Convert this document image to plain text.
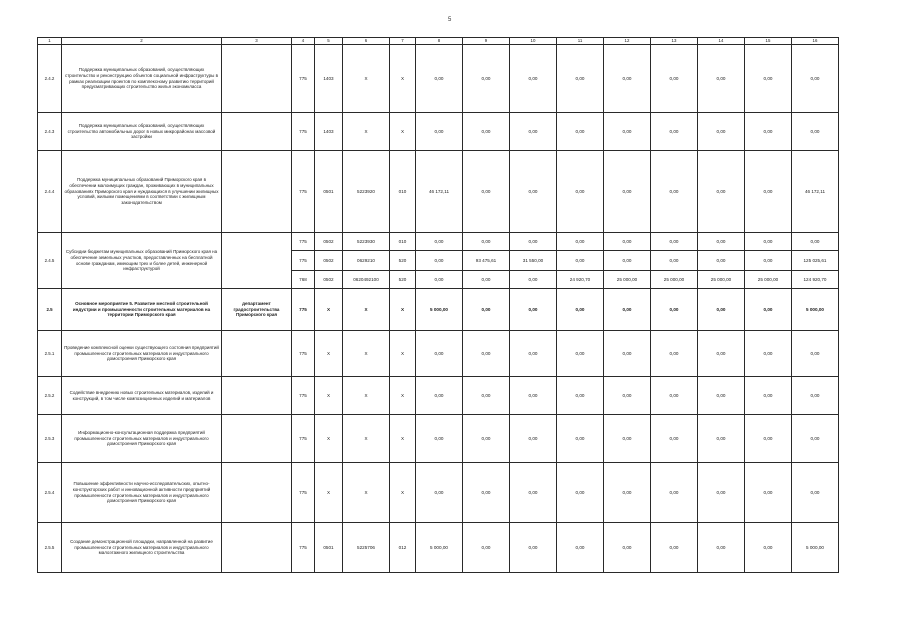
5
1	2	3	4	5	6	7	8	9	10	11	12	13	14	15	16
2.4.2	Поддержка муниципальных образований, осуществляющих строительство и реконструкцию объектов социальной инфраструктуры в рамках реализации проектов по комплексному развитию территорий предусматривающих строительство жилья экономкласса		775	1403	X	X	0,00	0,00	0,00	0,00	0,00	0,00	0,00	0,00	0,00
2.4.3	Поддержка муниципальных образований, осуществляющих строительство автомобильных дорог в новых микрорайонах массовой застройки		775	1403	X	X	0,00	0,00	0,00	0,00	0,00	0,00	0,00	0,00	0,00
2.4.4	Поддержка муниципальных образований Приморского края в обеспечении малоимущих граждан, проживающих в муниципальных образованиях Приморского края и нуждающихся в улучшении жилищных условий, жилыми помещениями в соответствии с жилищным законодательством		775	0501	5223920	010	46 172,11	0,00	0,00	0,00	0,00	0,00	0,00	0,00	46 172,11
2.4.5	Субсидии бюджетам муниципальных образований Приморского края на обеспечение земельных участков, предоставленных на бесплатной основе гражданам, имеющим трех и более детей, инженерной инфраструктурой		775	0502	5223930	010	0,00	0,00	0,00	0,00	0,00	0,00	0,00	0,00	0,00
			775	0502	0629210	520	0,00	93 475,61	31 550,00	0,00	0,00	0,00	0,00	0,00	125 025,61
			768	0502	0620492100	520	0,00	0,00	0,00	24 920,70	25 000,00	25 000,00	25 000,00	25 000,00	124 920,70
2.5	Основное мероприятие 5. Развитие местной строительной индустрии и промышленности строительных материалов на территории Приморского края	департамент градостроительства Приморского края	775	X	X	X	5 000,00	0,00	0,00	0,00	0,00	0,00	0,00	0,00	5 000,00
2.5.1	Проведение комплексной оценки существующего состояния предприятий промышленности строительных материалов и индустриального домостроения Приморского края		775	X	X	X	0,00	0,00	0,00	0,00	0,00	0,00	0,00	0,00	0,00
2.5.2	Содействие внедрению новых строительных материалов, изделий и конструкций, в том числе композиционных изделий и материалов		775	X	X	X	0,00	0,00	0,00	0,00	0,00	0,00	0,00	0,00	0,00
2.5.3	Информационно-консультационная поддержка предприятий промышленности строительных материалов и индустриального домостроения Приморского края		775	X	X	X	0,00	0,00	0,00	0,00	0,00	0,00	0,00	0,00	0,00
2.5.4	Повышение эффективности научно-исследовательских, опытно-конструкторских работ и инновационной активности предприятий промышленности строительных материалов и индустриального домостроения Приморского края		775	X	X	X	0,00	0,00	0,00	0,00	0,00	0,00	0,00	0,00	0,00
2.5.5	Создание демонстрационной площадки, направленной на развитие промышленности строительных материалов и индустриального малоэтажного жилищного строительства		775	0501	5225706	012	5 000,00	0,00	0,00	0,00	0,00	0,00	0,00	0,00	5 000,00
